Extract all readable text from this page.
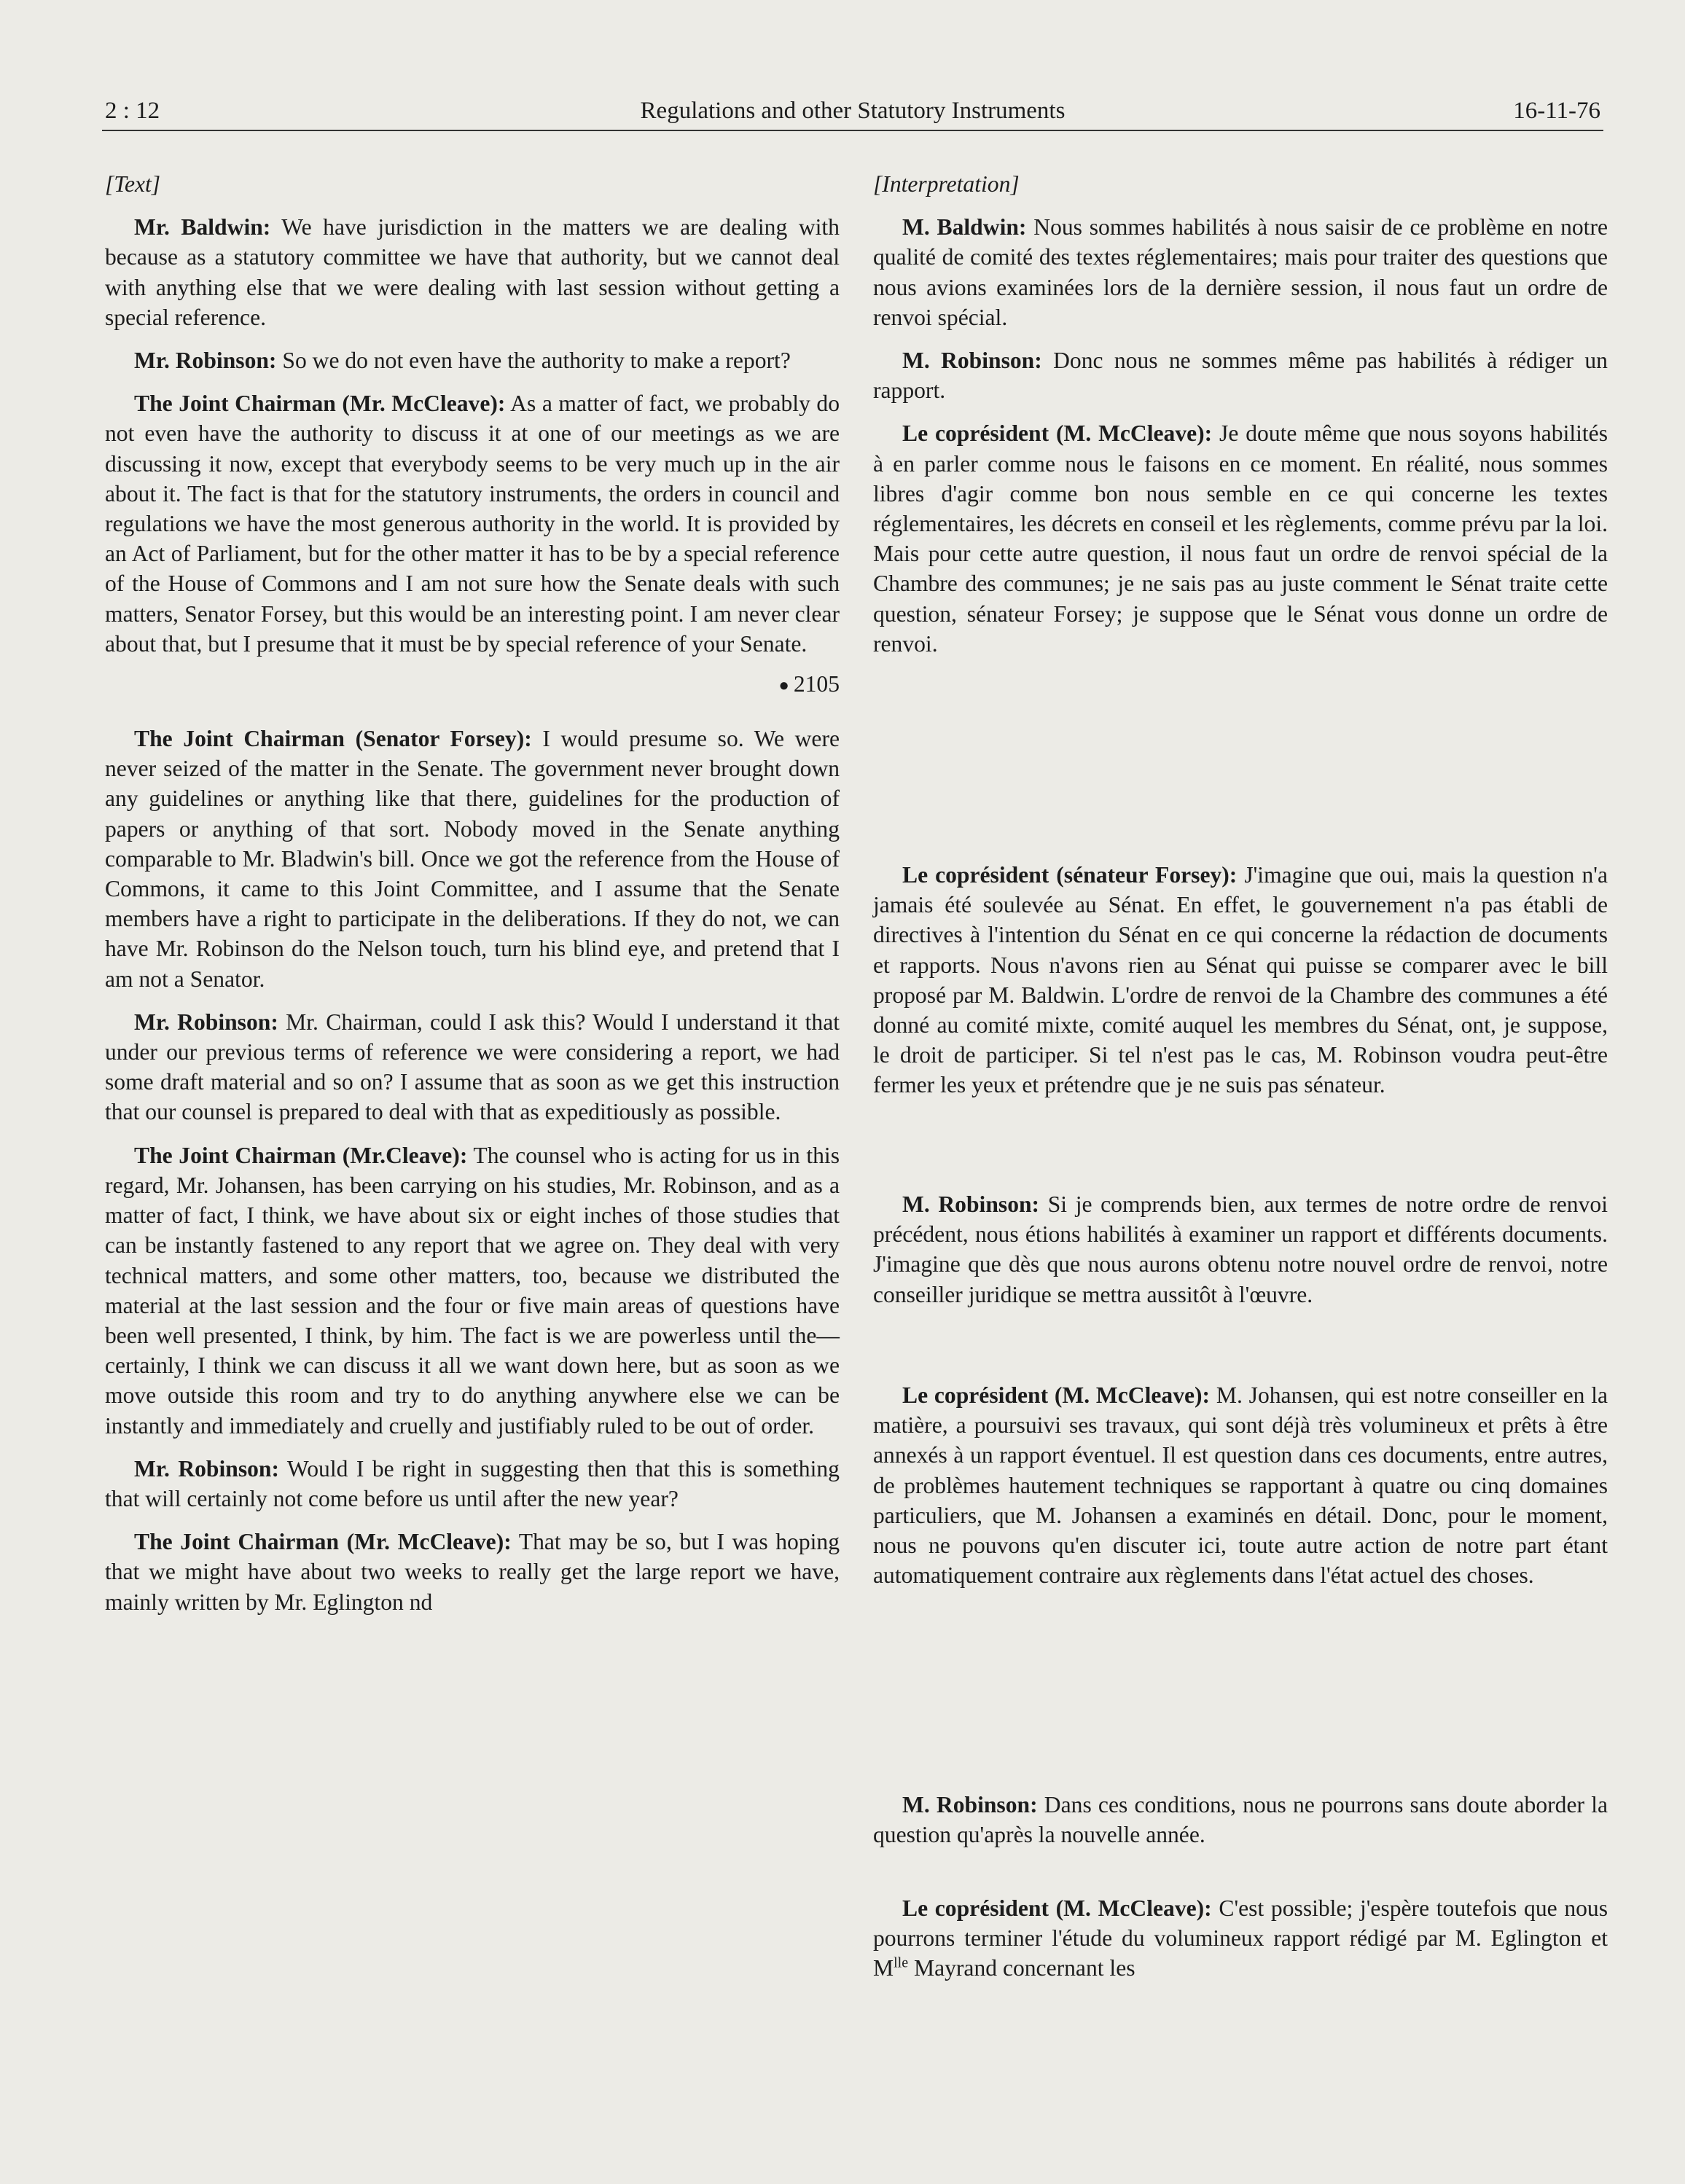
2 : 12	Regulations and other Statutory Instruments	16-11-76

[Text]

Mr. Baldwin: We have jurisdiction in the matters we are dealing with because as a statutory committee we have that authority, but we cannot deal with anything else that we were dealing with last session without getting a special reference.

Mr. Robinson: So we do not even have the authority to make a report?

The Joint Chairman (Mr. McCleave): As a matter of fact, we probably do not even have the authority to discuss it at one of our meetings as we are discussing it now, except that everybody seems to be very much up in the air about it. The fact is that for the statutory instruments, the orders in council and regulations we have the most generous authority in the world. It is provided by an Act of Parliament, but for the other matter it has to be by a special reference of the House of Commons and I am not sure how the Senate deals with such matters, Senator Forsey, but this would be an interesting point. I am never clear about that, but I presume that it must be by special reference of your Senate.

● 2105

The Joint Chairman (Senator Forsey): I would presume so. We were never seized of the matter in the Senate. The government never brought down any guidelines or anything like that there, guidelines for the production of papers or anything of that sort. Nobody moved in the Senate anything comparable to Mr. Bladwin's bill. Once we got the reference from the House of Commons, it came to this Joint Committee, and I assume that the Senate members have a right to participate in the deliberations. If they do not, we can have Mr. Robinson do the Nelson touch, turn his blind eye, and pretend that I am not a Senator.

Mr. Robinson: Mr. Chairman, could I ask this? Would I understand it that under our previous terms of reference we were considering a report, we had some draft material and so on? I assume that as soon as we get this instruction that our counsel is prepared to deal with that as expeditiously as possible.

The Joint Chairman (Mr.Cleave): The counsel who is acting for us in this regard, Mr. Johansen, has been carrying on his studies, Mr. Robinson, and as a matter of fact, I think, we have about six or eight inches of those studies that can be instantly fastened to any report that we agree on. They deal with very technical matters, and some other matters, too, because we distributed the material at the last session and the four or five main areas of questions have been well presented, I think, by him. The fact is we are powerless until the— certainly, I think we can discuss it all we want down here, but as soon as we move outside this room and try to do anything anywhere else we can be instantly and immediately and cruelly and justifiably ruled to be out of order.

Mr. Robinson: Would I be right in suggesting then that this is something that will certainly not come before us until after the new year?

The Joint Chairman (Mr. McCleave): That may be so, but I was hoping that we might have about two weeks to really get the large report we have, mainly written by Mr. Eglington nd

[Interpretation]

M. Baldwin: Nous sommes habilités à nous saisir de ce problème en notre qualité de comité des textes réglementaires; mais pour traiter des questions que nous avions examinées lors de la dernière session, il nous faut un ordre de renvoi spécial.

M. Robinson: Donc nous ne sommes même pas habilités à rédiger un rapport.

Le coprésident (M. McCleave): Je doute même que nous soyons habilités à en parler comme nous le faisons en ce moment. En réalité, nous sommes libres d'agir comme bon nous semble en ce qui concerne les textes réglementaires, les décrets en conseil et les règlements, comme prévu par la loi. Mais pour cette autre question, il nous faut un ordre de renvoi spécial de la Chambre des communes; je ne sais pas au juste comment le Sénat traite cette question, sénateur Forsey; je suppose que le Sénat vous donne un ordre de renvoi.

Le coprésident (sénateur Forsey): J'imagine que oui, mais la question n'a jamais été soulevée au Sénat. En effet, le gouvernement n'a pas établi de directives à l'intention du Sénat en ce qui concerne la rédaction de documents et rapports. Nous n'avons rien au Sénat qui puisse se comparer avec le bill proposé par M. Baldwin. L'ordre de renvoi de la Chambre des communes a été donné au comité mixte, comité auquel les membres du Sénat, ont, je suppose, le droit de participer. Si tel n'est pas le cas, M. Robinson voudra peut-être fermer les yeux et prétendre que je ne suis pas sénateur.

M. Robinson: Si je comprends bien, aux termes de notre ordre de renvoi précédent, nous étions habilités à examiner un rapport et différents documents. J'imagine que dès que nous aurons obtenu notre nouvel ordre de renvoi, notre conseiller juridique se mettra aussitôt à l'œuvre.

Le coprésident (M. McCleave): M. Johansen, qui est notre conseiller en la matière, a poursuivi ses travaux, qui sont déjà très volumineux et prêts à être annexés à un rapport éventuel. Il est question dans ces documents, entre autres, de problèmes hautement techniques se rapportant à quatre ou cinq domaines particuliers, que M. Johansen a examinés en détail. Donc, pour le moment, nous ne pouvons qu'en discuter ici, toute autre action de notre part étant automatiquement contraire aux règlements dans l'état actuel des choses.

M. Robinson: Dans ces conditions, nous ne pourrons sans doute aborder la question qu'après la nouvelle année.

Le coprésident (M. McCleave): C'est possible; j'espère toutefois que nous pourrons terminer l'étude du volumineux rapport rédigé par M. Eglington et $M^{lle}$ Mayrand concernant les
